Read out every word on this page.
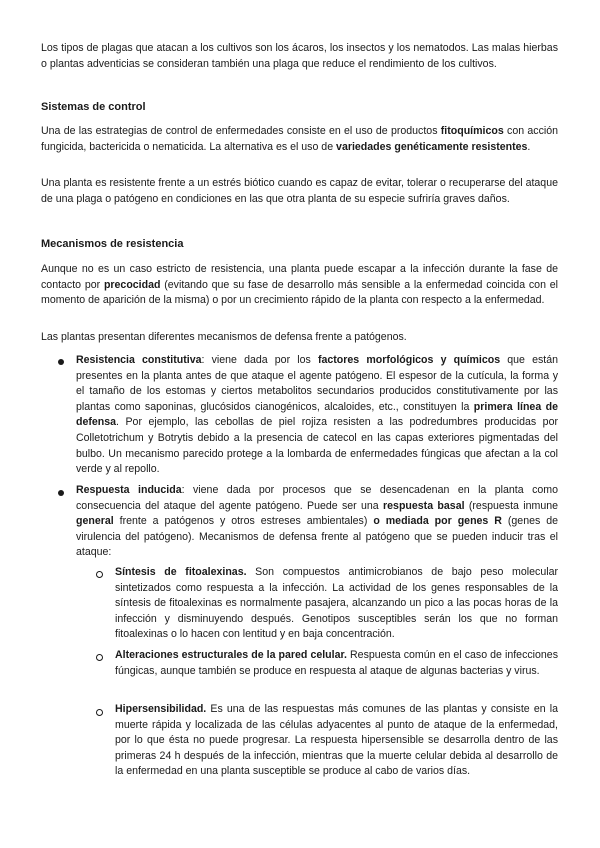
Los tipos de plagas que atacan a los cultivos son los ácaros, los insectos y los nematodos. Las malas hierbas o plantas adventicias se consideran también una plaga que reduce el rendimiento de los cultivos.

Sistemas de control

Una de las estrategias de control de enfermedades consiste en el uso de productos fitoquímicos con acción fungicida, bactericida o nematicida. La alternativa es el uso de variedades genéticamente resistentes.

Una planta es resistente frente a un estrés biótico cuando es capaz de evitar, tolerar o recuperarse del ataque de una plaga o patógeno en condiciones en las que otra planta de su especie sufriría graves daños.

Mecanismos de resistencia

Aunque no es un caso estricto de resistencia, una planta puede escapar a la infección durante la fase de contacto por precocidad (evitando que su fase de desarrollo más sensible a la enfermedad coincida con el momento de aparición de la misma) o por un crecimiento rápido de la planta con respecto a la enfermedad.

Las plantas presentan diferentes mecanismos de defensa frente a patógenos.

Resistencia constitutiva: viene dada por los factores morfológicos y químicos que están presentes en la planta antes de que ataque el agente patógeno. El espesor de la cutícula, la forma y el tamaño de los estomas y ciertos metabolitos secundarios producidos constitutivamente por las plantas como saponinas, glucósidos cianogénicos, alcaloides, etc., constituyen la primera línea de defensa. Por ejemplo, las cebollas de piel rojiza resisten a las podredumbres producidas por Colletotrichum y Botrytis debido a la presencia de catecol en las capas exteriores pigmentadas del bulbo. Un mecanismo parecido protege a la lombarda de enfermedades fúngicas que afectan a la col verde y al repollo.

Respuesta inducida: viene dada por procesos que se desencadenan en la planta como consecuencia del ataque del agente patógeno. Puede ser una respuesta basal (respuesta inmune general frente a patógenos y otros estreses ambientales) o mediada por genes R (genes de virulencia del patógeno). Mecanismos de defensa frente al patógeno que se pueden inducir tras el ataque:

Síntesis de fitoalexinas. Son compuestos antimicrobianos de bajo peso molecular sintetizados como respuesta a la infección. La actividad de los genes responsables de la síntesis de fitoalexinas es normalmente pasajera, alcanzando un pico a las pocas horas de la infección y disminuyendo después. Genotipos susceptibles serán los que no forman fitoalexinas o lo hacen con lentitud y en baja concentración.

Alteraciones estructurales de la pared celular. Respuesta común en el caso de infecciones fúngicas, aunque también se produce en respuesta al ataque de algunas bacterias y virus.

Hipersensibilidad. Es una de las respuestas más comunes de las plantas y consiste en la muerte rápida y localizada de las células adyacentes al punto de ataque de la enfermedad, por lo que ésta no puede progresar. La respuesta hipersensible se desarrolla dentro de las primeras 24 h después de la infección, mientras que la muerte celular debida al desarrollo de la enfermedad en una planta susceptible se produce al cabo de varios días.
